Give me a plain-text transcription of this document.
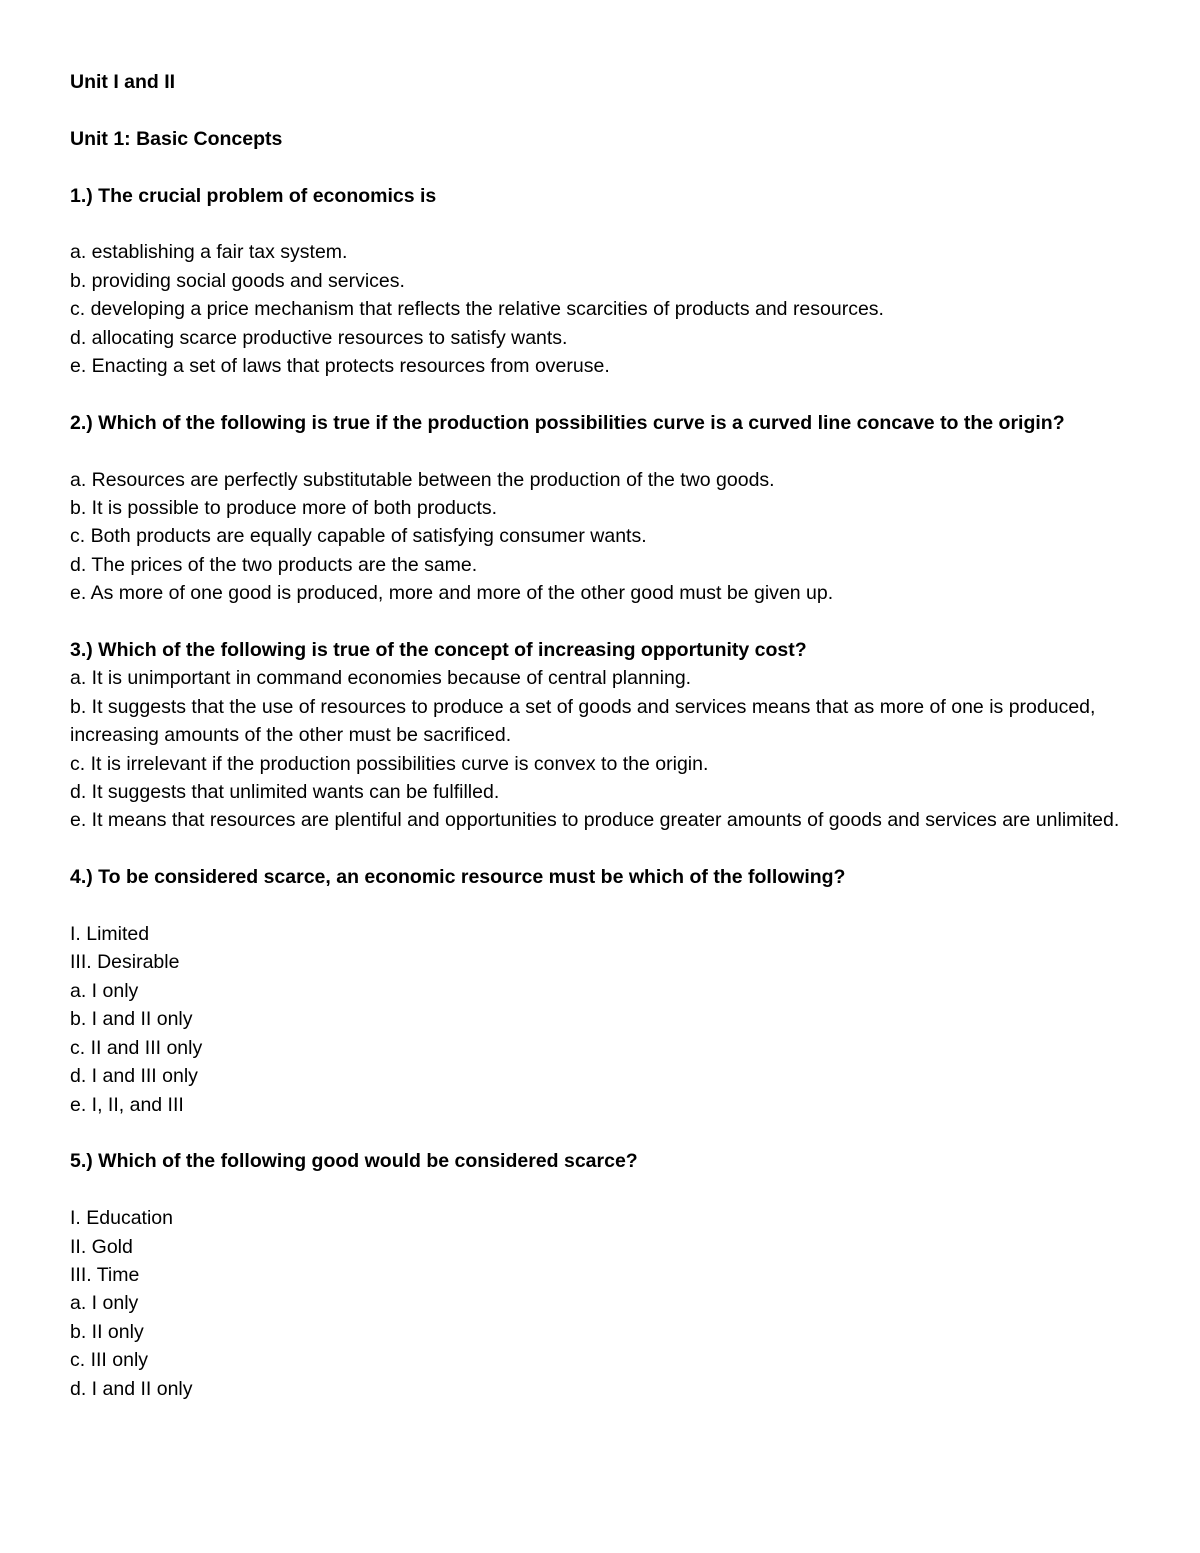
Unit I and II
Unit 1: Basic Concepts
1.) The crucial problem of economics is
a. establishing a fair tax system.
b. providing social goods and services.
c. developing a price mechanism that reflects the relative scarcities of products and resources.
d. allocating scarce productive resources to satisfy wants.
e. Enacting a set of laws that protects resources from overuse.
2.) Which of the following is true if the production possibilities curve is a curved line concave to the origin?
a. Resources are perfectly substitutable between the production of the two goods.
b. It is possible to produce more of both products.
c. Both products are equally capable of satisfying consumer wants.
d. The prices of the two products are the same.
e. As more of one good is produced, more and more of the other good must be given up.
3.) Which of the following is true of the concept of increasing opportunity cost?
a. It is unimportant in command economies because of central planning.
b. It suggests that the use of resources to produce a set of goods and services means that as more of one is produced, increasing amounts of the other must be sacrificed.
c. It is irrelevant if the production possibilities curve is convex to the origin.
d. It suggests that unlimited wants can be fulfilled.
e. It means that resources are plentiful and opportunities to produce greater amounts of goods and services are unlimited.
4.) To be considered scarce, an economic resource must be which of the following?
I. Limited
III. Desirable
a. I only
b. I and II only
c. II and III only
d. I and III only
e. I, II, and III
5.) Which of the following good would be considered scarce?
I. Education
II. Gold
III. Time
a. I only
b. II only
c. III only
d. I and II only
